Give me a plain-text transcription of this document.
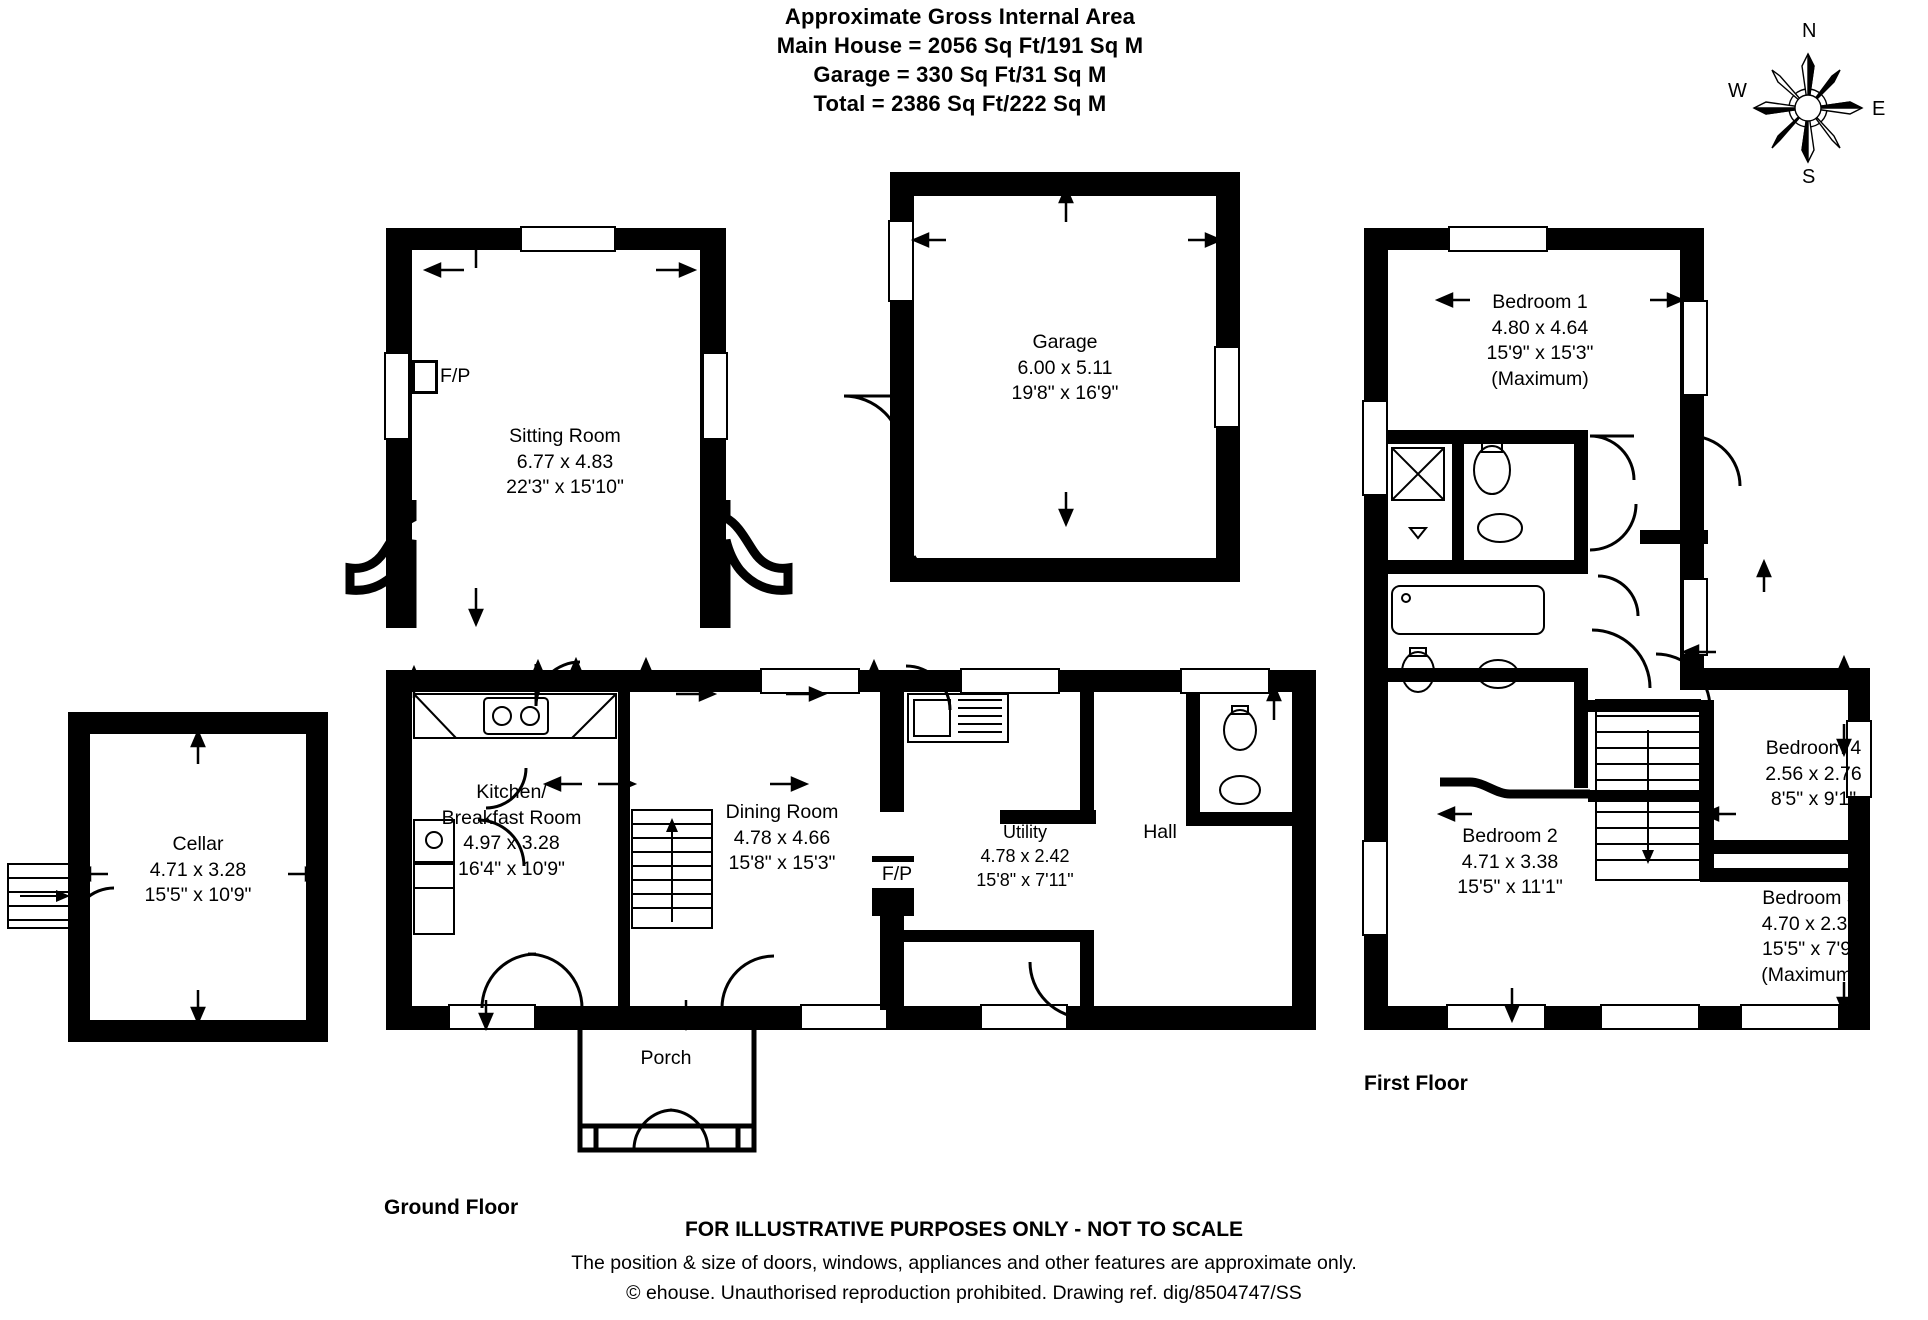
Approximate Gross Internal Area
Main House = 2056 Sq Ft/191 Sq M
Garage = 330 Sq Ft/31 Sq M
Total = 2386 Sq Ft/222 Sq M
N
E
S
W
F/P
Sitting Room
6.77 x 4.83
22'3" x 15'10"
F/P
Kitchen/
Breakfast Room
4.97 x 3.28
16'4" x 10'9"
Dining Room
4.78 x 4.66
15'8" x 15'3"
Utility
4.78 x 2.42
15'8" x 7'11"
Hall
Porch
Cellar
4.71 x 3.28
15'5" x 10'9"
Garage
6.00 x 5.11
19'8" x 16'9"
Ground Floor
Bedroom 1
4.80 x 4.64
15'9" x 15'3"
(Maximum)
Bedroom 2
4.71 x 3.38
15'5" x 11'1"	Bedroom 3
4.70 x 2.37
15'5" x 7'9"
(Maximum)
Bedroom 4
2.56 x 2.76
8'5" x 9'1"
First Floor
FOR ILLUSTRATIVE PURPOSES ONLY - NOT TO SCALE
The position & size of doors, windows, appliances and other features are approximate only.
© ehouse. Unauthorised reproduction prohibited. Drawing ref. dig/8504747/SS
